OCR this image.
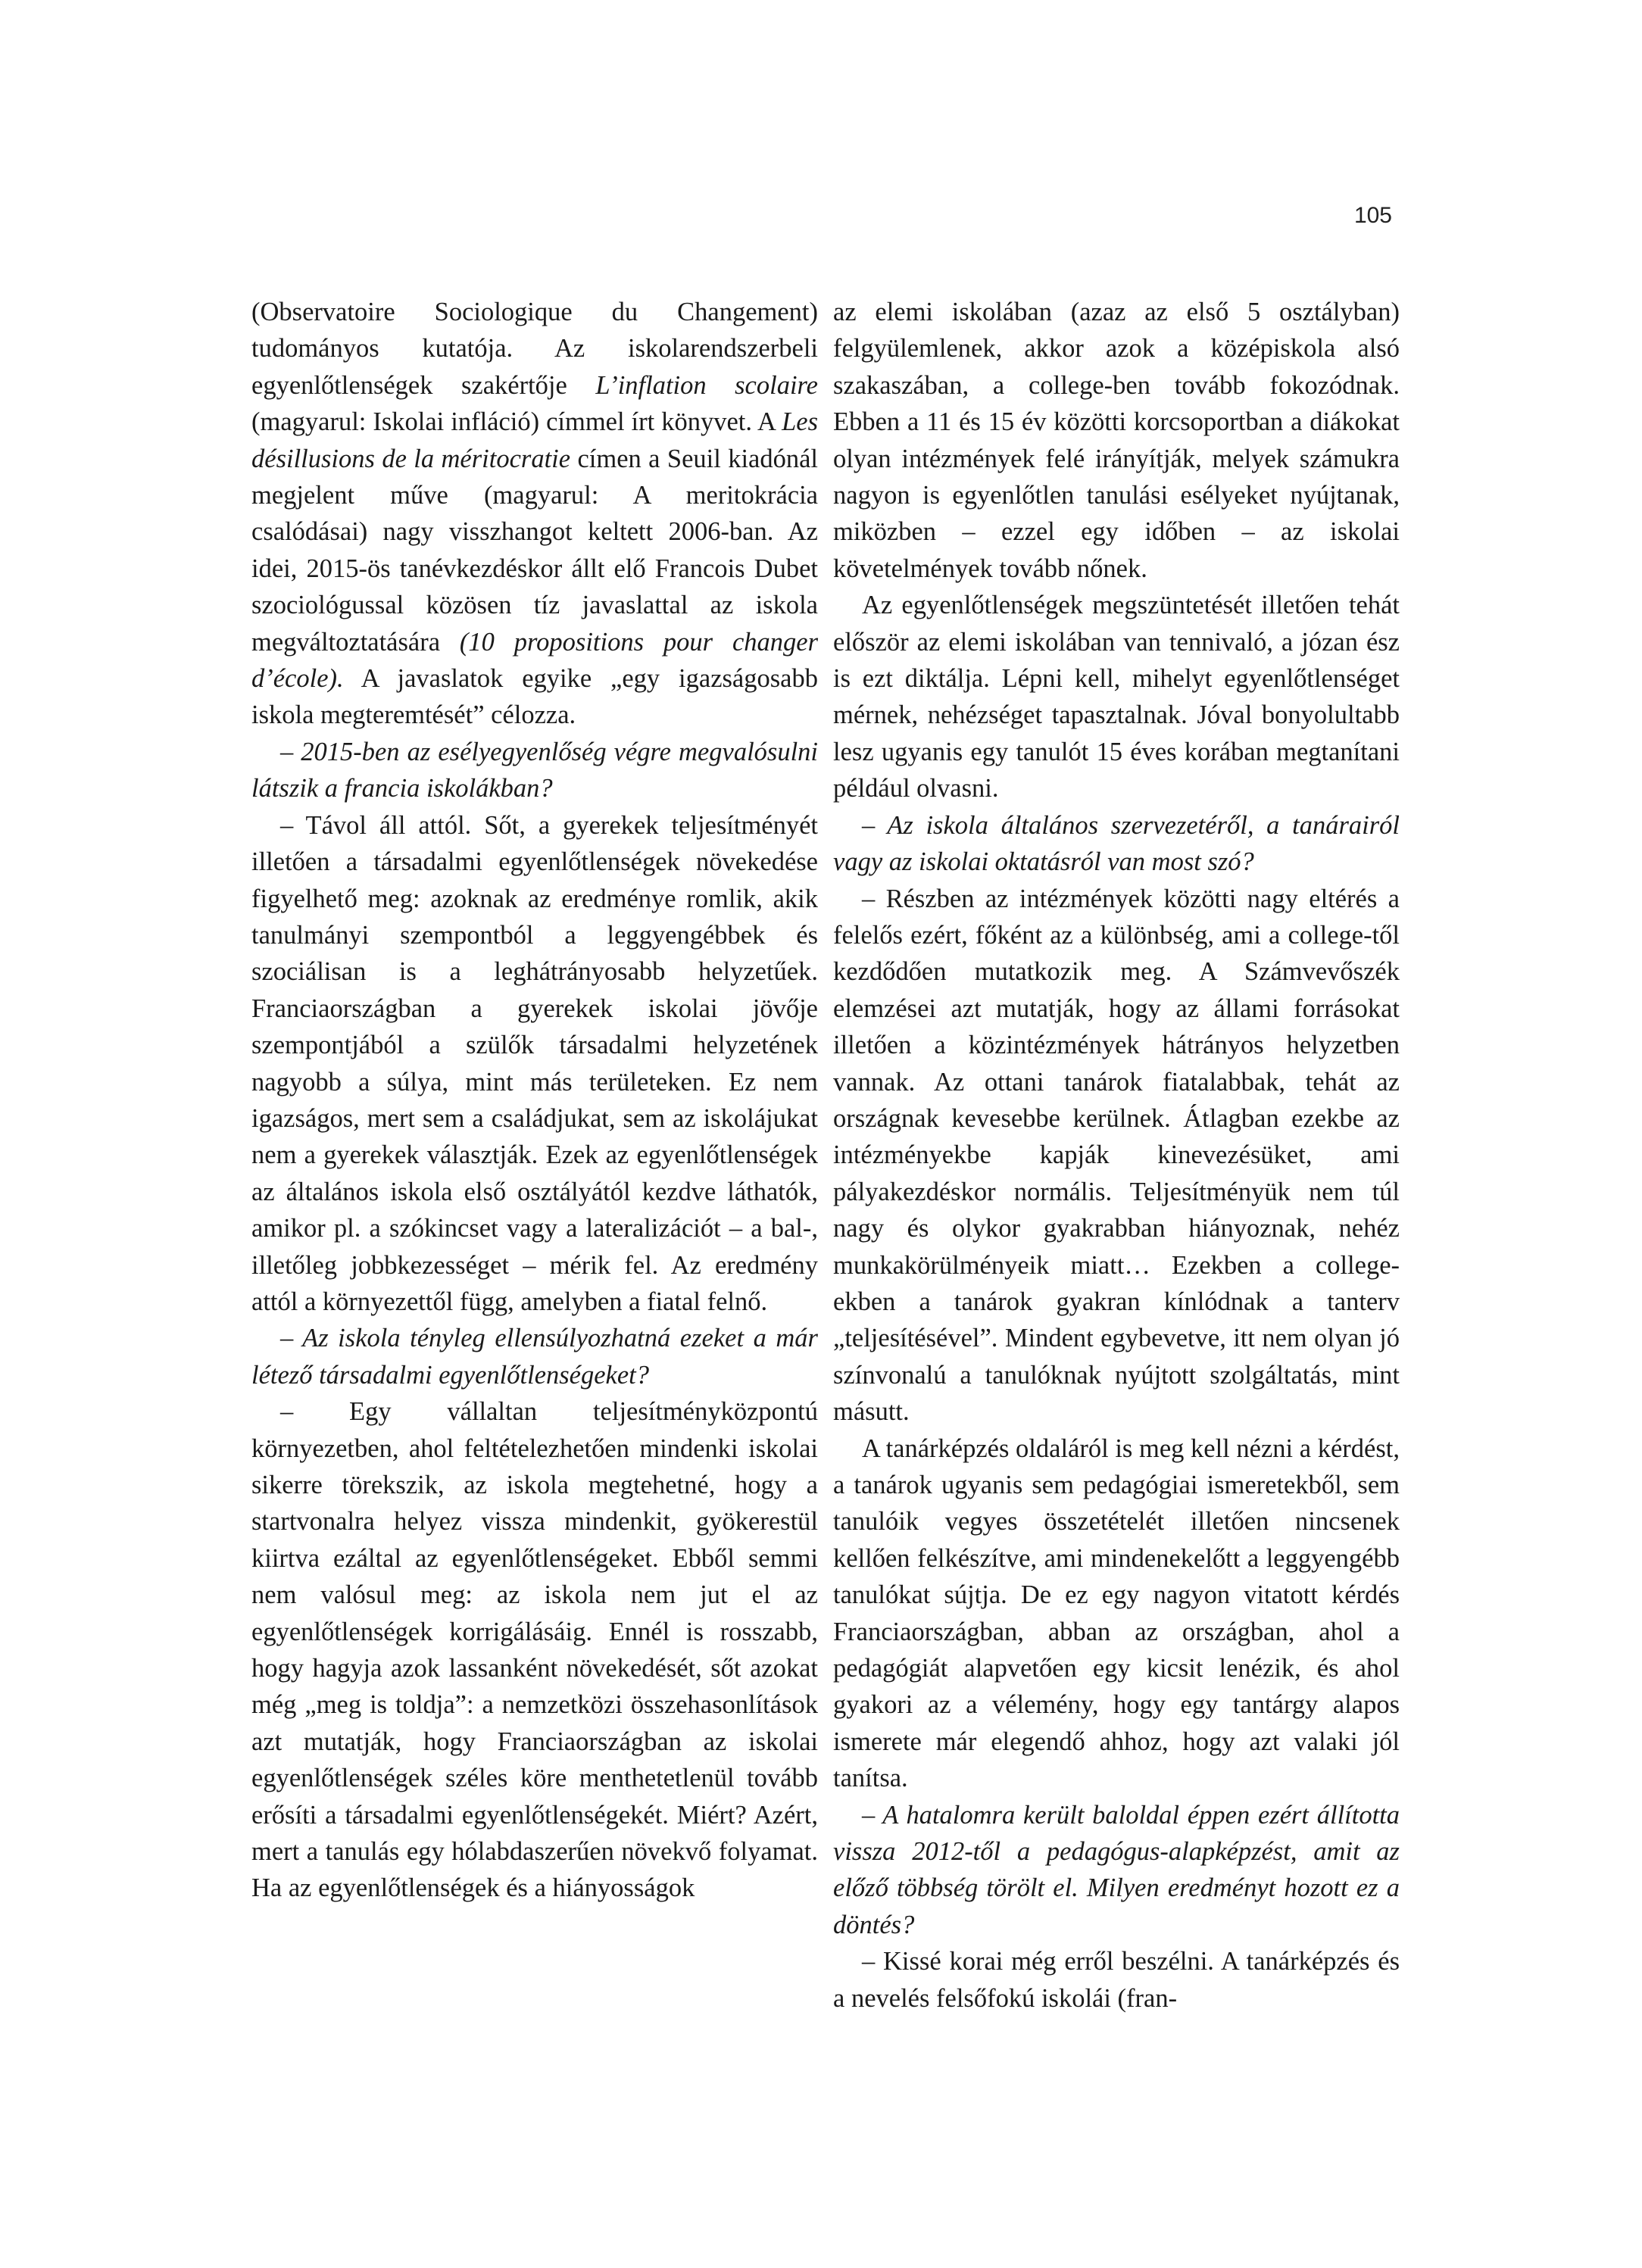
105

(Observatoire Sociologique du Changement) tudományos kutatója. Az iskolarendszerbeli egyenlőtlenségek szakértője L’inflation scolaire (magyarul: Iskolai infláció) címmel írt könyvet. A Les désillusions de la méritocratie címen a Seuil kiadónál megjelent műve (magyarul: A meritokrácia csalódásai) nagy visszhangot keltett 2006-ban. Az idei, 2015-ös tanévkezdéskor állt elő Francois Dubet szociológussal közösen tíz javaslattal az iskola megváltoztatására (10 propositions pour changer d’école). A javaslatok egyike „egy igazságosabb iskola megteremtését” célozza.

– 2015-ben az esélyegyenlőség végre megvalósulni látszik a francia iskolákban?

– Távol áll attól. Sőt, a gyerekek teljesítményét illetően a társadalmi egyenlőtlenségek növekedése figyelhető meg: azoknak az eredménye romlik, akik tanulmányi szempontból a leggyengébbek és szociálisan is a leghátrányosabb helyzetűek. Franciaországban a gyerekek iskolai jövője szempontjából a szülők társadalmi helyzetének nagyobb a súlya, mint más területeken. Ez nem igazságos, mert sem a családjukat, sem az iskolájukat nem a gyerekek választják. Ezek az egyenlőtlenségek az általános iskola első osztályától kezdve láthatók, amikor pl. a szókincset vagy a lateralizációt – a bal-, illetőleg jobbkezességet – mérik fel. Az eredmény attól a környezettől függ, amelyben a fiatal felnő.

– Az iskola tényleg ellensúlyozhatná ezeket a már létező társadalmi egyenlőtlenségeket?

– Egy vállaltan teljesítményközpontú környezetben, ahol feltételezhetően mindenki iskolai sikerre törekszik, az iskola megtehetné, hogy a startvonalra helyez vissza mindenkit, gyökerestül kiirtva ezáltal az egyenlőtlenségeket. Ebből semmi nem valósul meg: az iskola nem jut el az egyenlőtlenségek korrigálásáig. Ennél is rosszabb, hogy hagyja azok lassanként növekedését, sőt azokat még „meg is toldja”: a nemzetközi összehasonlítások azt mutatják, hogy Franciaországban az iskolai egyenlőtlenségek széles köre menthetetlenül tovább erősíti a társadalmi egyenlőtlenségekét. Miért? Azért, mert a tanulás egy hólabdaszerűen növekvő folyamat. Ha az egyenlőtlenségek és a hiányosságok

az elemi iskolában (azaz az első 5 osztályban) felgyülemlenek, akkor azok a középiskola alsó szakaszában, a college-ben tovább fokozódnak. Ebben a 11 és 15 év közötti korcsoportban a diákokat olyan intézmények felé irányítják, melyek számukra nagyon is egyenlőtlen tanulási esélyeket nyújtanak, miközben – ezzel egy időben – az iskolai követelmények tovább nőnek.

Az egyenlőtlenségek megszüntetését illetően tehát először az elemi iskolában van tennivaló, a józan ész is ezt diktálja. Lépni kell, mihelyt egyenlőtlenséget mérnek, nehézséget tapasztalnak. Jóval bonyolultabb lesz ugyanis egy tanulót 15 éves korában megtanítani például olvasni.

– Az iskola általános szervezetéről, a tanárairól vagy az iskolai oktatásról van most szó?

– Részben az intézmények közötti nagy eltérés a felelős ezért, főként az a különbség, ami a college-től kezdődően mutatkozik meg. A Számvevőszék elemzései azt mutatják, hogy az állami forrásokat illetően a közintézmények hátrányos helyzetben vannak. Az ottani tanárok fiatalabbak, tehát az országnak kevesebbe kerülnek. Átlagban ezekbe az intézményekbe kapják kinevezésüket, ami pályakezdéskor normális. Teljesítményük nem túl nagy és olykor gyakrabban hiányoznak, nehéz munkakörülményeik miatt… Ezekben a college-ekben a tanárok gyakran kínlódnak a tanterv „teljesítésével”. Mindent egybevetve, itt nem olyan jó színvonalú a tanulóknak nyújtott szolgáltatás, mint másutt.

A tanárképzés oldaláról is meg kell nézni a kérdést, a tanárok ugyanis sem pedagógiai ismeretekből, sem tanulóik vegyes összetételét illetően nincsenek kellően felkészítve, ami mindenekelőtt a leggyengébb tanulókat sújtja. De ez egy nagyon vitatott kérdés Franciaországban, abban az országban, ahol a pedagógiát alapvetően egy kicsit lenézik, és ahol gyakori az a vélemény, hogy egy tantárgy alapos ismerete már elegendő ahhoz, hogy azt valaki jól tanítsa.

– A hatalomra került baloldal éppen ezért állította vissza 2012-től a pedagógus-alapképzést, amit az előző többség törölt el. Milyen eredményt hozott ez a döntés?

– Kissé korai még erről beszélni. A tanárképzés és a nevelés felsőfokú iskolái (fran-
